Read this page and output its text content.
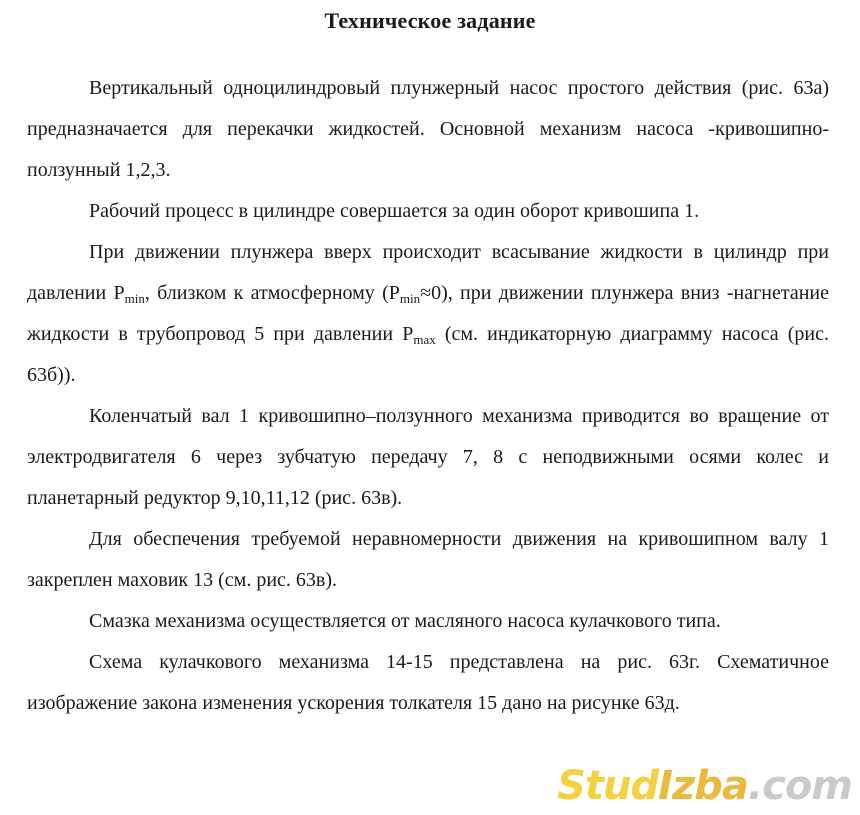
Техническое задание

Вертикальный одноцилиндровый плунжерный насос простого действия (рис. 63а) предназначается для перекачки жидкостей. Основной механизм насоса -кривошипно-ползунный 1,2,3.

Рабочий процесс в цилиндре совершается за один оборот кривошипа 1.

При движении плунжера вверх происходит всасывание жидкости в цилиндр при давлении $P_{min}$, близком к атмосферному $(P_{min}\approx 0)$, при движении плунжера вниз -нагнетание жидкости в трубопровод 5 при давлении $P_{max}$ (см. индикаторную диаграмму насоса (рис. 63б)).

Коленчатый вал 1 кривошипно–ползунного механизма приводится во вращение от электродвигателя 6 через зубчатую передачу 7, 8 с неподвижными осями колес и планетарный редуктор 9,10,11,12 (рис. 63в).

Для обеспечения требуемой неравномерности движения на кривошипном валу 1 закреплен маховик 13 (см. рис. 63в).

Смазка механизма осуществляется от масляного насоса кулачкового типа.

Схема кулачкового механизма 14-15 представлена на рис. 63г. Схематичное изображение закона изменения ускорения толкателя 15 дано на рисунке 63д.

StudIzba.com
